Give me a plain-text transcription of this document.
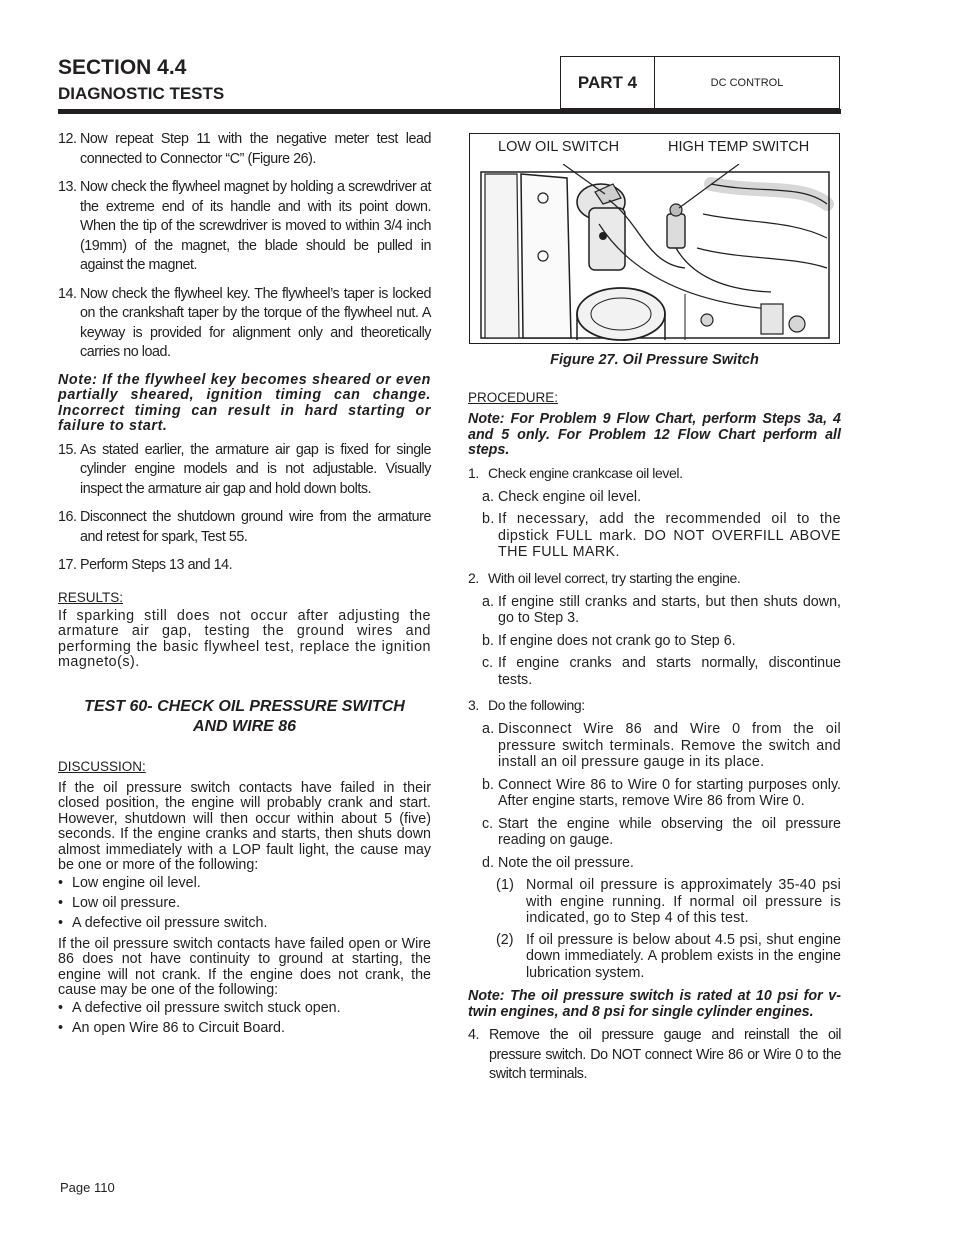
SECTION 4.4
DIAGNOSTIC TESTS
PART 4	DC CONTROL
12. Now repeat Step 11 with the negative meter test lead connected to Connector “C” (Figure 26).
13. Now check the flywheel magnet by holding a screwdriver at the extreme end of its handle and with its point down. When the tip of the screwdriver is moved to within 3/4 inch (19mm) of the magnet, the blade should be pulled in against the magnet.
14. Now check the flywheel key. The flywheel’s taper is locked on the crankshaft taper by the torque of the flywheel nut. A keyway is provided for alignment only and theoretically carries no load.

Note: If the flywheel key becomes sheared or even partially sheared, ignition timing can change. Incorrect timing can result in hard starting or failure to start.

15. As stated earlier, the armature air gap is fixed for single cylinder engine models and is not adjustable. Visually inspect the armature air gap and hold down bolts.
16. Disconnect the shutdown ground wire from the armature and retest for spark, Test 55.
17. Perform Steps 13 and 14.

RESULTS:

If sparking still does not occur after adjusting the armature air gap, testing the ground wires and performing the basic flywheel test, replace the ignition magneto(s).

TEST 60- CHECK OIL PRESSURE SWITCH

AND WIRE 86

DISCUSSION:

If the oil pressure switch contacts have failed in their closed position, the engine will probably crank and start. However, shutdown will then occur within about 5 (five) seconds. If the engine cranks and starts, then shuts down almost immediately with a LOP fault light, the cause may be one or more of the following:

• Low engine oil level.
• Low oil pressure.
• A defective oil pressure switch.

If the oil pressure switch contacts have failed open or Wire 86 does not have continuity to ground at starting, the engine will not crank. If the engine does not crank, the cause may be one of the following:

• A defective oil pressure switch stuck open.
• An open Wire 86 to Circuit Board.
LOW OIL SWITCH	HIGH TEMP SWITCH
Figure 27. Oil Pressure Switch

PROCEDURE:

Note: For Problem 9 Flow Chart, perform Steps 3a, 4 and 5 only. For Problem 12 Flow Chart perform all steps.

1. Check engine crankcase oil level.
a. Check engine oil level.
b. If necessary, add the recommended oil to the dipstick FULL mark. DO NOT OVERFILL ABOVE THE FULL MARK.
2. With oil level correct, try starting the engine.
a. If engine still cranks and starts, but then shuts down, go to Step 3.
b. If engine does not crank go to Step 6.
c. If engine cranks and starts normally, discontinue tests.
3. Do the following:
a. Disconnect Wire 86 and Wire 0 from the oil pressure switch terminals. Remove the switch and install an oil pressure gauge in its place.
b. Connect Wire 86 to Wire 0 for starting purposes only. After engine starts, remove Wire 86 from Wire 0.
c. Start the engine while observing the oil pressure reading on gauge.
d. Note the oil pressure.
(1) Normal oil pressure is approximately 35-40 psi with engine running. If normal oil pressure is indicated, go to Step 4 of this test.
(2) If oil pressure is below about 4.5 psi, shut engine down immediately. A problem exists in the engine lubrication system.

Note: The oil pressure switch is rated at 10 psi for v-twin engines, and 8 psi for single cylinder engines.

4. Remove the oil pressure gauge and reinstall the oil pressure switch. Do NOT connect Wire 86 or Wire 0 to the switch terminals.
Page 110
